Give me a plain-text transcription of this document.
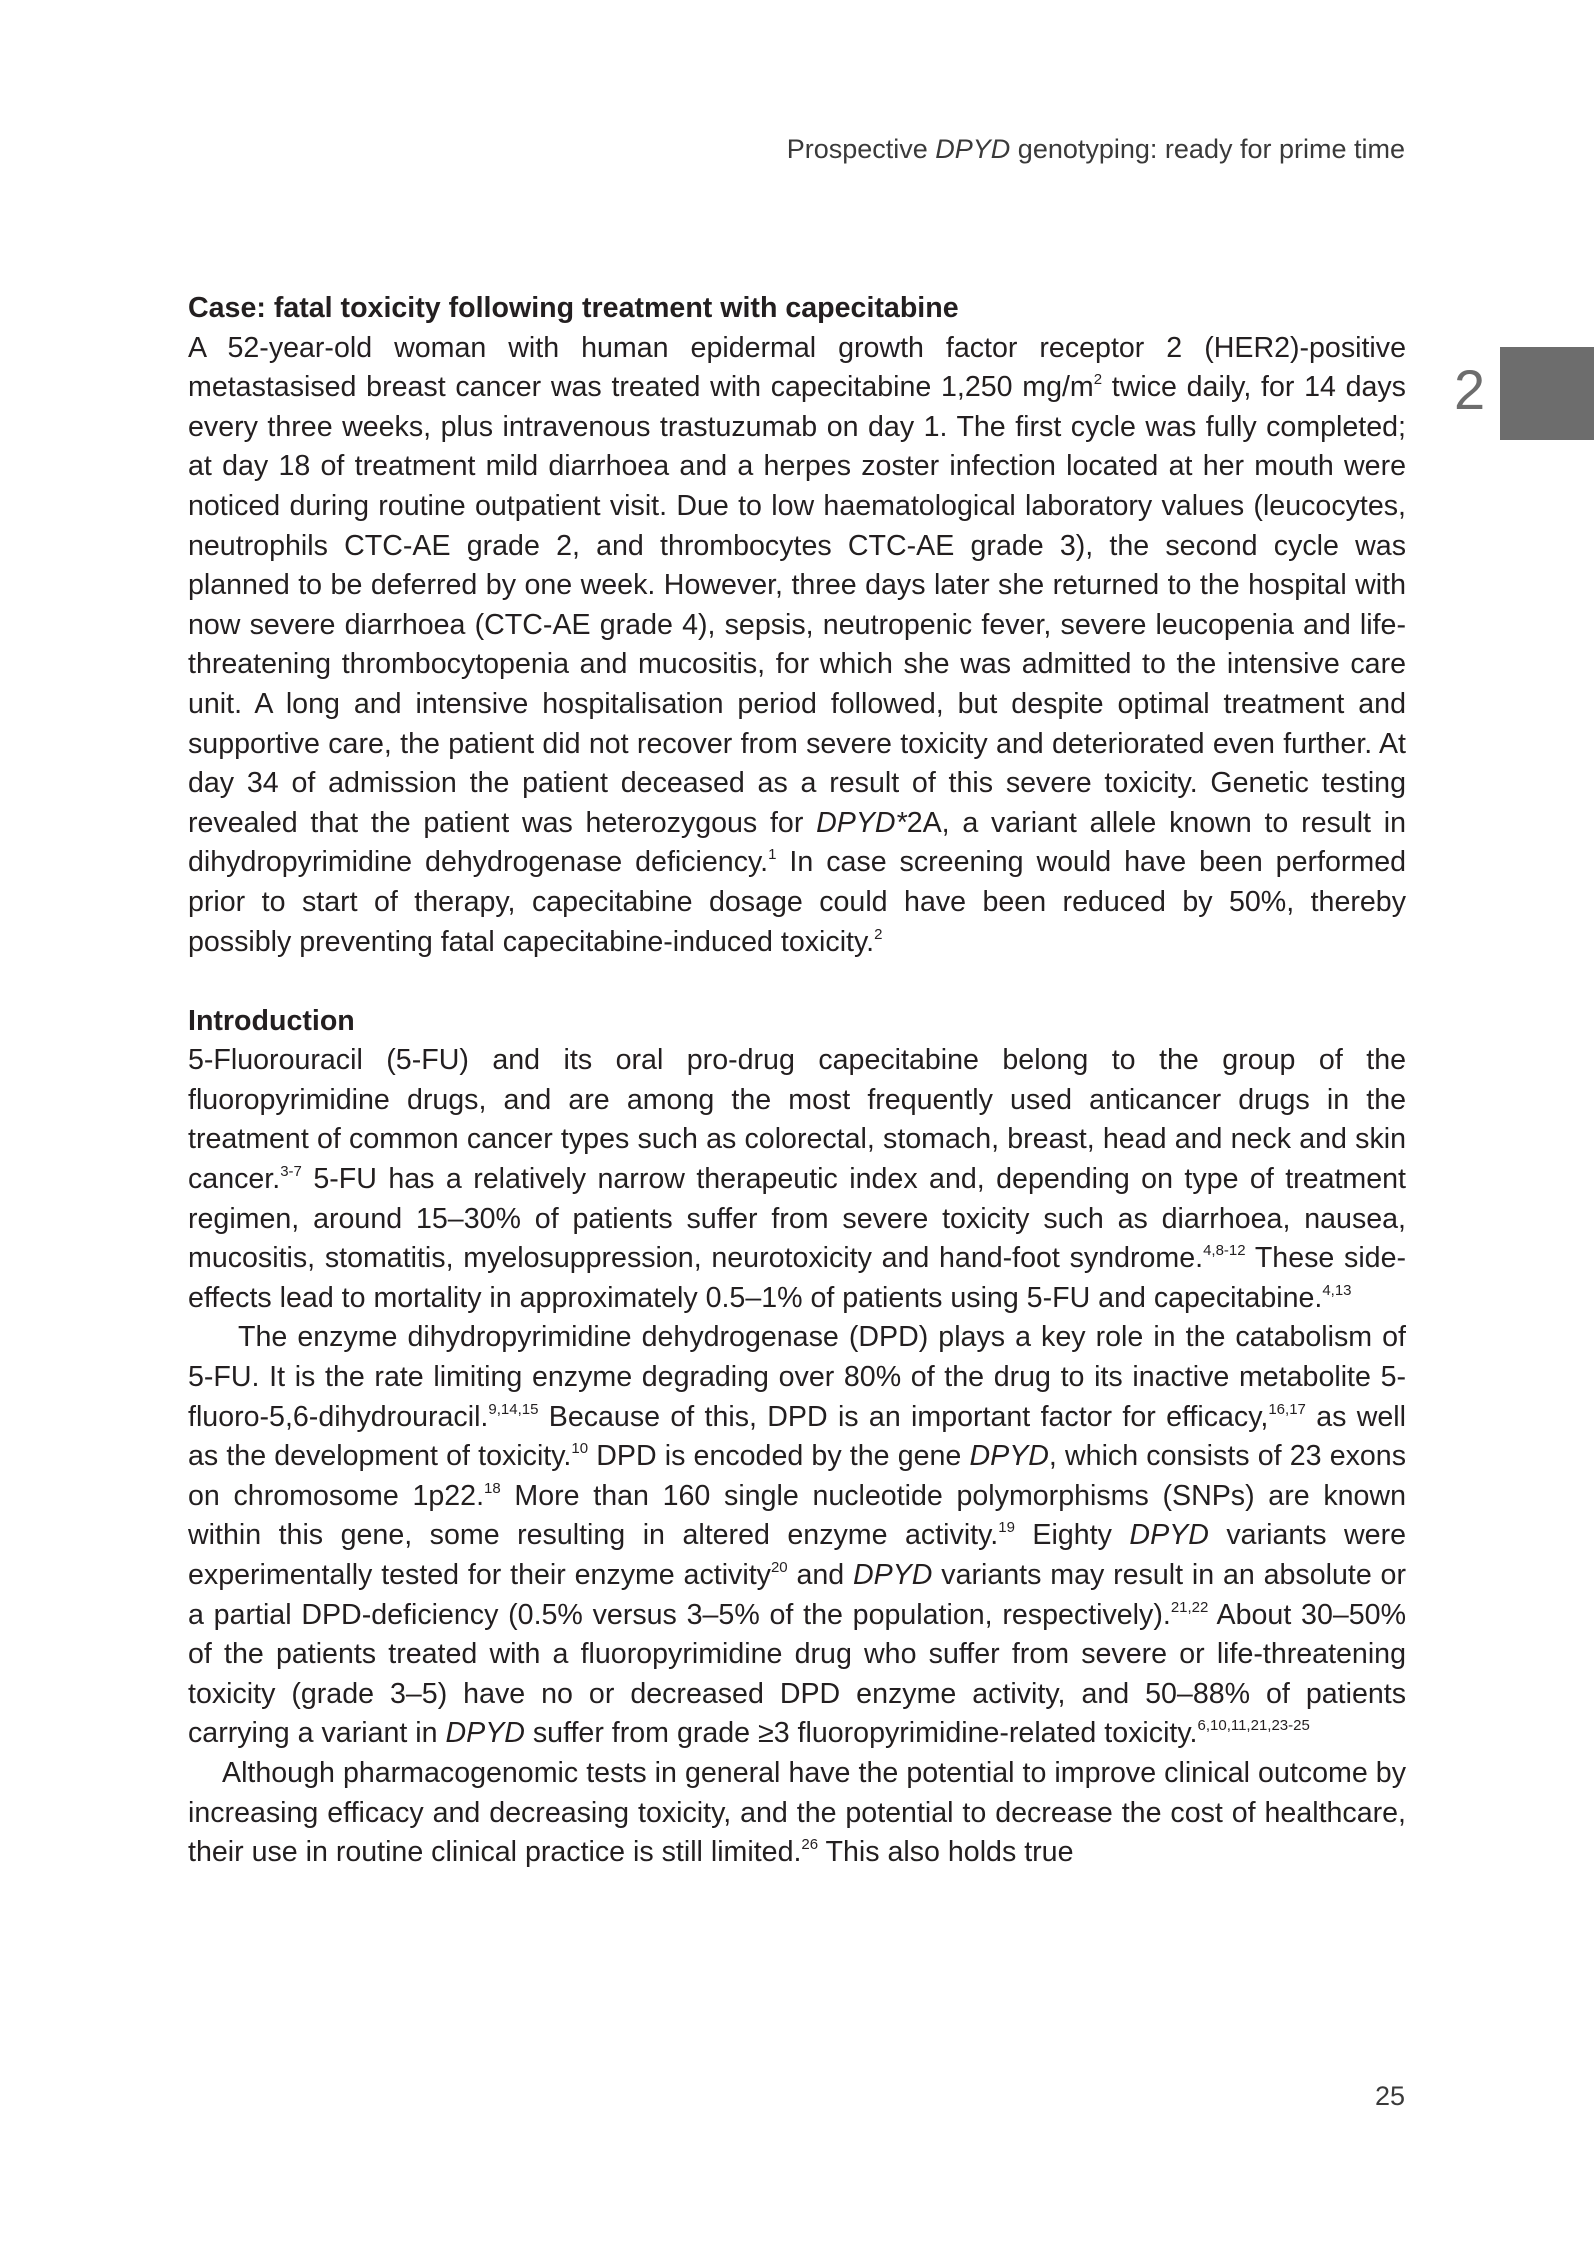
Prospective DPYD genotyping: ready for prime time
2
Case: fatal toxicity following treatment with capecitabine

A 52-year-old woman with human epidermal growth factor receptor 2 (HER2)-positive metastasised breast cancer was treated with capecitabine 1,250 $mg/m^2$ twice daily, for 14 days every three weeks, plus intravenous trastuzumab on day 1. The first cycle was fully completed; at day 18 of treatment mild diarrhoea and a herpes zoster infection located at her mouth were noticed during routine outpatient visit. Due to low haematological laboratory values (leucocytes, neutrophils CTC-AE grade 2, and thrombocytes CTC-AE grade 3), the second cycle was planned to be deferred by one week. However, three days later she returned to the hospital with now severe diarrhoea (CTC-AE grade 4), sepsis, neutropenic fever, severe leucopenia and life-threatening thrombocytopenia and mucositis, for which she was admitted to the intensive care unit. A long and intensive hospitalisation period followed, but despite optimal treatment and supportive care, the patient did not recover from severe toxicity and deteriorated even further. At day 34 of admission the patient deceased as a result of this severe toxicity. Genetic testing revealed that the patient was heterozygous for DPYD*2A, a variant allele known to result in dihydropyrimidine dehydrogenase deficiency.$^1$ In case screening would have been performed prior to start of therapy, capecitabine dosage could have been reduced by 50%, thereby possibly preventing fatal capecitabine-induced toxicity.$^2$

Introduction

5-Fluorouracil (5-FU) and its oral pro-drug capecitabine belong to the group of the fluoropyrimidine drugs, and are among the most frequently used anticancer drugs in the treatment of common cancer types such as colorectal, stomach, breast, head and neck and skin cancer.$^{3-7}$ 5-FU has a relatively narrow therapeutic index and, depending on type of treatment regimen, around 15–30% of patients suffer from severe toxicity such as diarrhoea, nausea, mucositis, stomatitis, myelosuppression, neurotoxicity and hand-foot syndrome.$^{4,8-12}$ These side-effects lead to mortality in approximately 0.5–1% of patients using 5-FU and capecitabine.$^{4,13}$

The enzyme dihydropyrimidine dehydrogenase (DPD) plays a key role in the catabolism of 5-FU. It is the rate limiting enzyme degrading over 80% of the drug to its inactive metabolite 5-fluoro-5,6-dihydrouracil.$^{9,14,15}$ Because of this, DPD is an important factor for efficacy,$^{16,17}$ as well as the development of toxicity.$^{10}$ DPD is encoded by the gene DPYD, which consists of 23 exons on chromosome 1p22.18 More than 160 single nucleotide polymorphisms (SNPs) are known within this gene, some resulting in altered enzyme activity.$^{19}$ Eighty DPYD variants were experimentally tested for their enzyme activity$^{20}$ and DPYD variants may result in an absolute or a partial DPD-deficiency (0.5% versus 3–5% of the population, respectively).$^{21,22}$ About 30–50% of the patients treated with a fluoropyrimidine drug who suffer from severe or life-threatening toxicity (grade 3–5) have no or decreased DPD enzyme activity, and 50–88% of patients carrying a variant in DPYD suffer from grade ≥3 fluoropyrimidine-related toxicity.$^{6,10,11,21,23-25}$

Although pharmacogenomic tests in general have the potential to improve clinical outcome by increasing efficacy and decreasing toxicity, and the potential to decrease the cost of healthcare, their use in routine clinical practice is still limited.$^{26}$ This also holds true

25
